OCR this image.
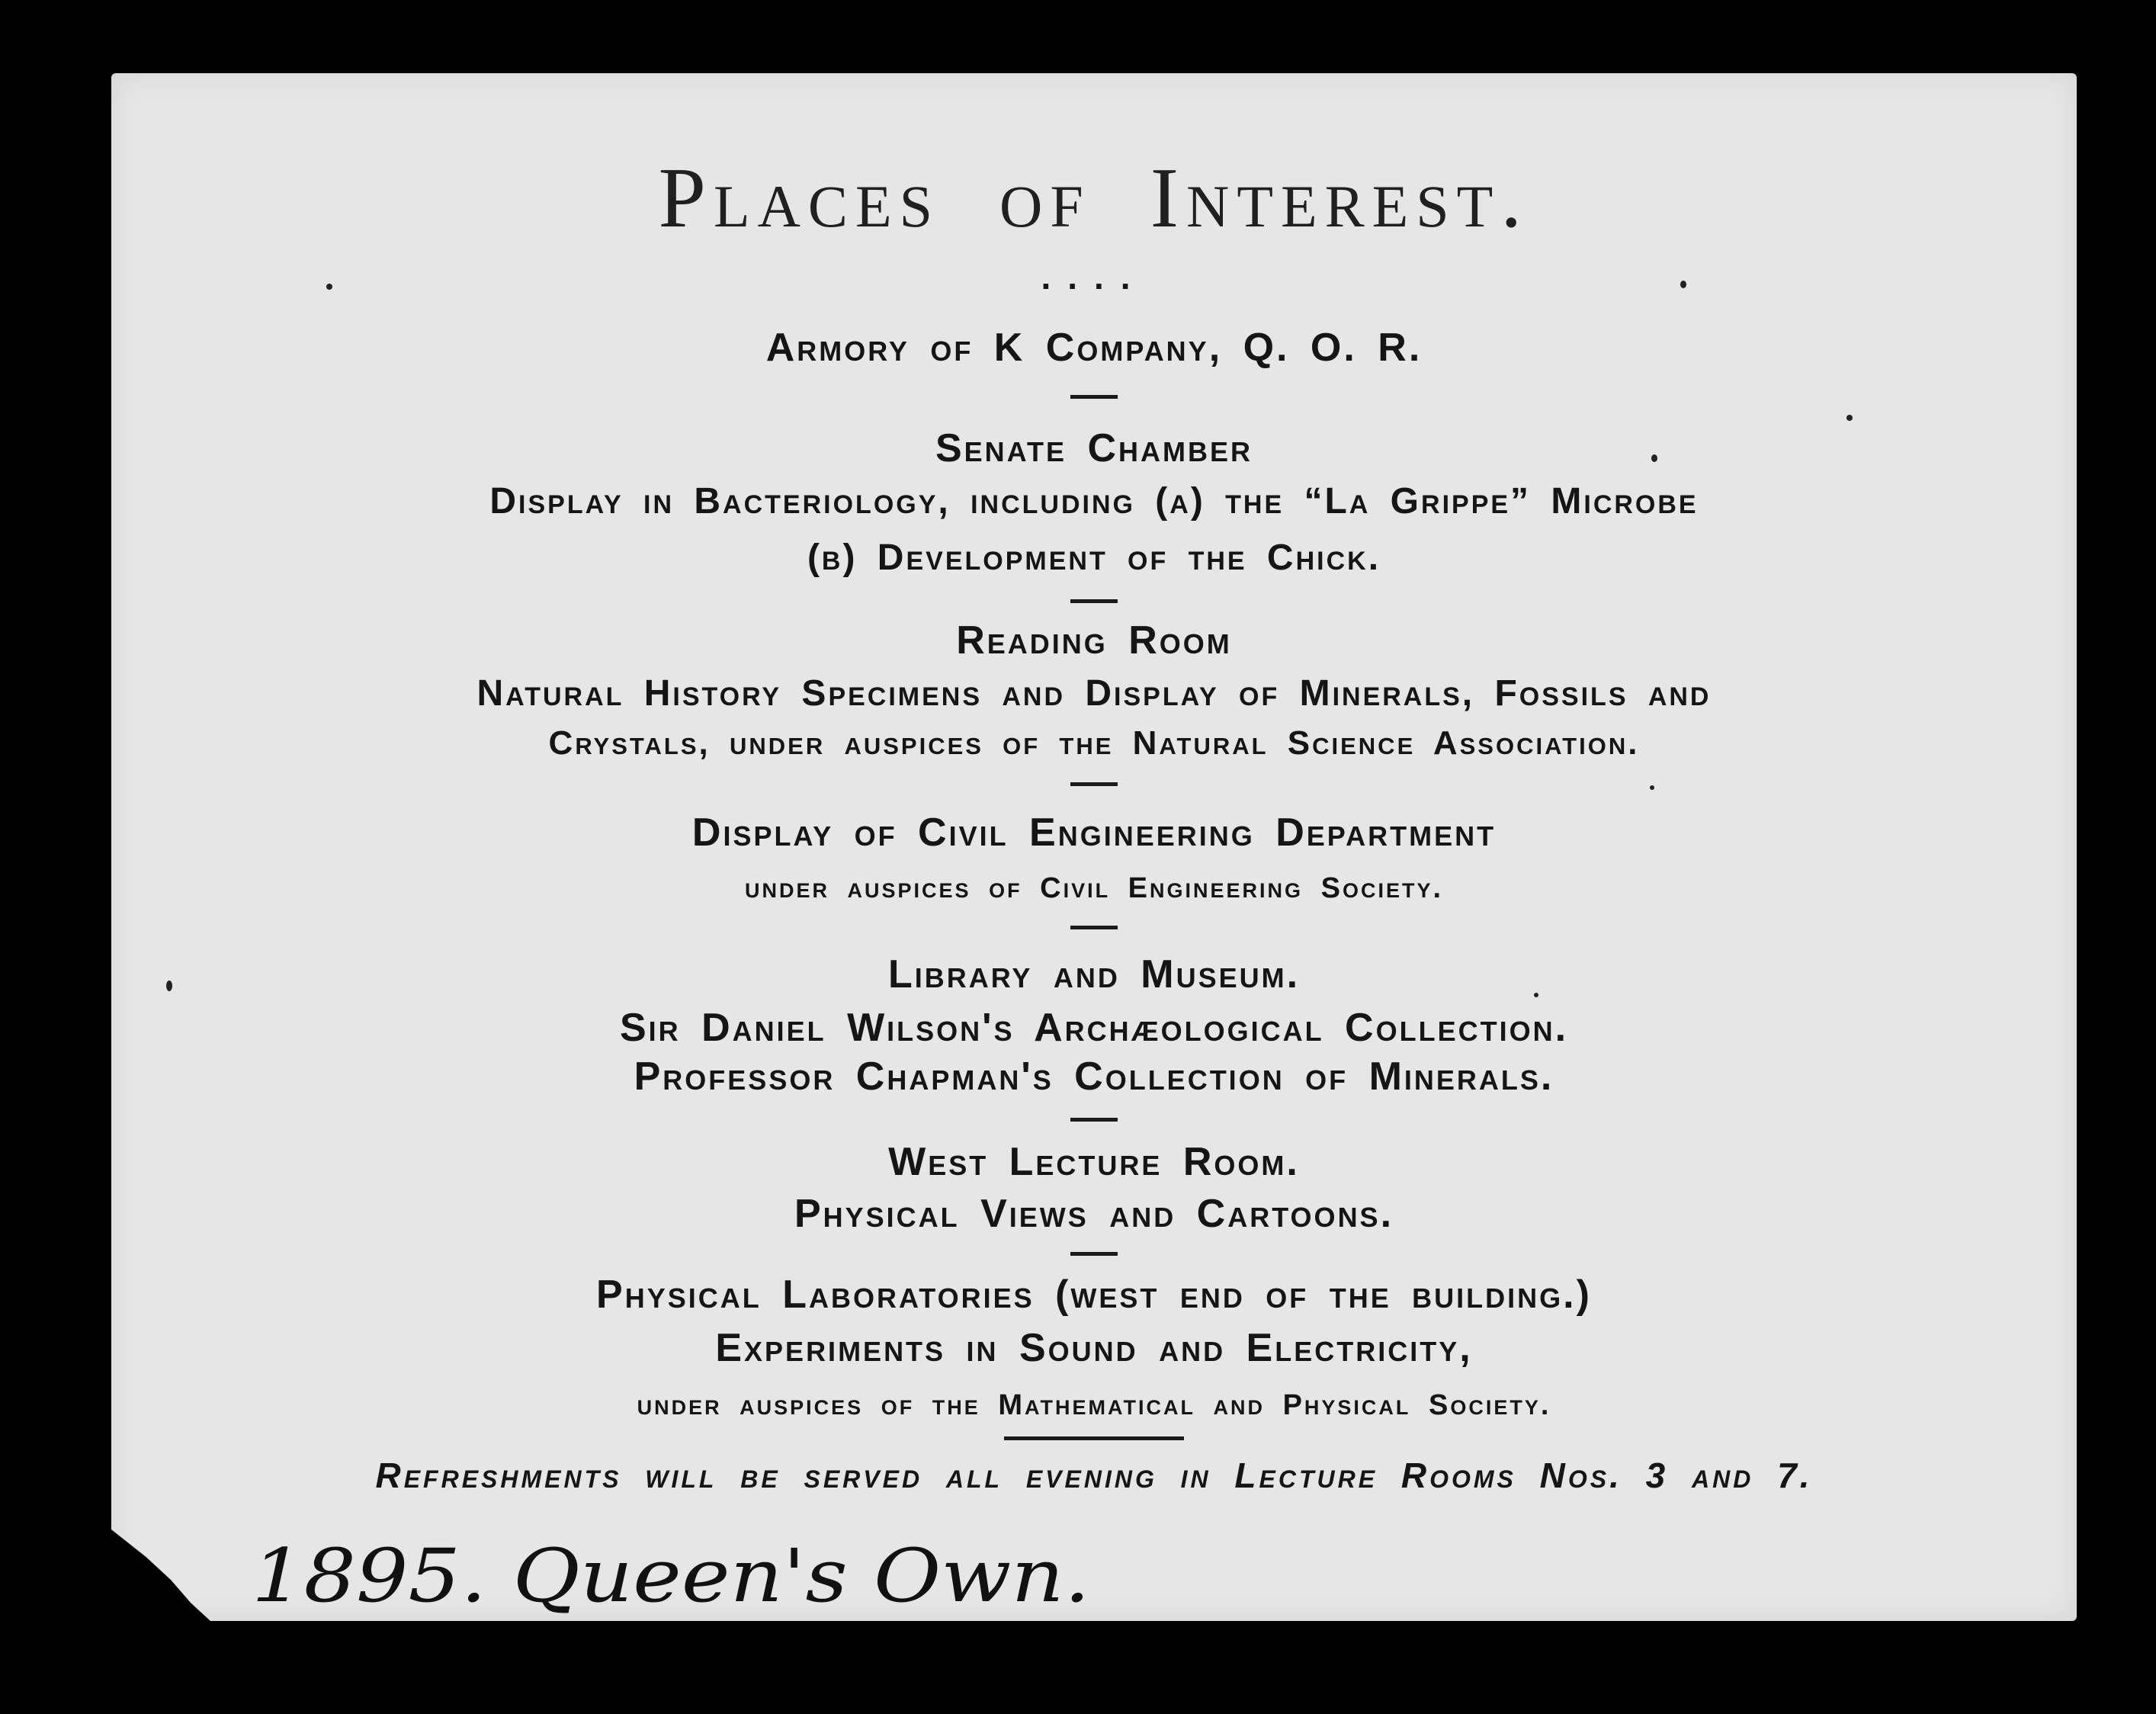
Places of Interest.
....
Armory of K Company, Q. O. R.
Senate Chamber
Display in Bacteriology, including (a) the “La Grippe” Microbe
(b) Development of the Chick.
Reading Room
Natural History Specimens and Display of Minerals, Fossils and
Crystals, under auspices of the Natural Science Association.
Display of Civil Engineering Department
under auspices of Civil Engineering Society.
Library and Museum.
Sir Daniel Wilson's Archæological Collection.
Professor Chapman's Collection of Minerals.
West Lecture Room.
Physical Views and Cartoons.
Physical Laboratories (west end of the building.)
Experiments in Sound and Electricity,
under auspices of the Mathematical and Physical Society.
Refreshments will be served all evening in Lecture Rooms Nos. 3 and 7.
1895. Queen's Own.
